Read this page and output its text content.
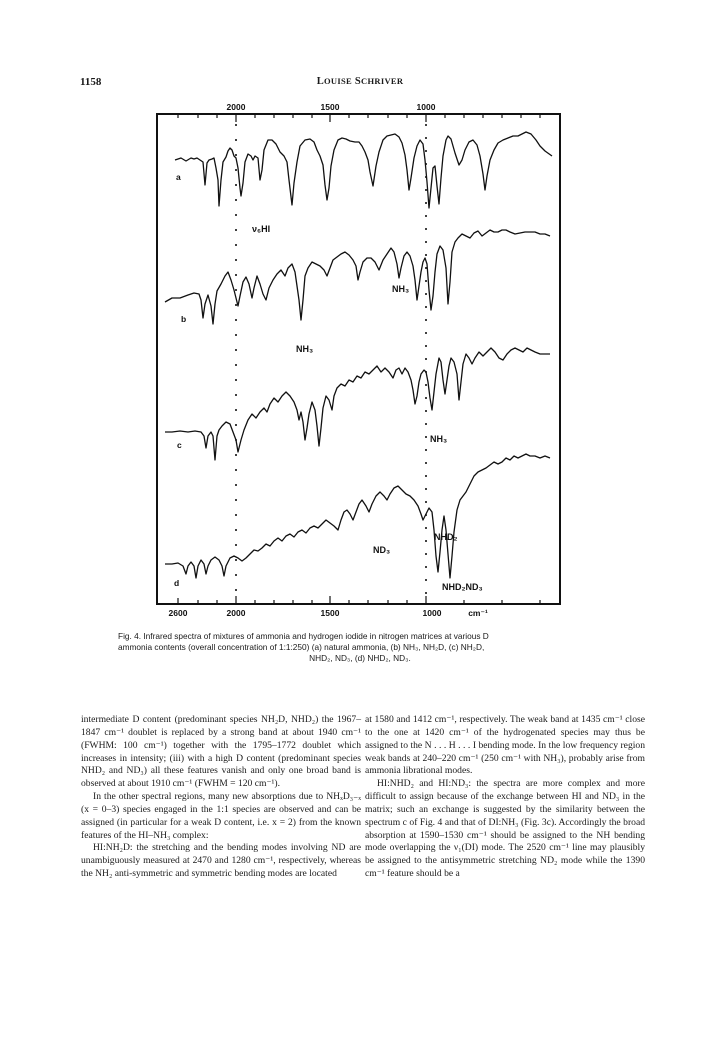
1158	LOUISE SCHRIVER
2000	1500	1000
2600	2000	1500	1000	cm⁻¹
a
b
c
d
ν₆HI
NH₃
NH₃
NH₃
NHD₂
ND₃
NHD₂ND₃
Fig. 4. Infrared spectra of mixtures of ammonia and hydrogen iodide in nitrogen matrices at various D
ammonia contents (overall concentration of 1:1:250) (a) natural ammonia, (b) NH₃, NH₂D, (c) NH₂D,
NHD₂, ND₃, (d) NHD₂, ND₃.

intermediate D content (predominant species NH₂D, NHD₂) the 1967–1847 cm⁻¹ doublet is replaced by a strong band at about 1940 cm⁻¹ (FWHM: 100 cm⁻¹) together with the 1795–1772 doublet which increases in intensity; (iii) with a high D content (predominant species NHD₂ and ND₃) all these features vanish and only one broad band is observed at about 1910 cm⁻¹ (FWHM = 120 cm⁻¹).

In the other spectral regions, many new absorptions due to NHₓD₃₋ₓ (x = 0–3) species engaged in the 1:1 species are observed and can be assigned (in particular for a weak D content, i.e. x = 2) from the known features of the HI–NH₃ complex:

HI:NH₂D: the stretching and the bending modes involving ND are unambiguously measured at 2470 and 1280 cm⁻¹, respectively, whereas the NH₂ anti-symmetric and symmetric bending modes are located

at 1580 and 1412 cm⁻¹, respectively. The weak band at 1435 cm⁻¹ close to the one at 1420 cm⁻¹ of the hydrogenated species may thus be assigned to the N . . . H . . . I bending mode. In the low frequency region weak bands at 240–220 cm⁻¹ (250 cm⁻¹ with NH₃), probably arise from ammonia librational modes.

HI:NHD₂ and HI:ND₃: the spectra are more complex and more difficult to assign because of the exchange between HI and ND₃ in the matrix; such an exchange is suggested by the similarity between the spectrum c of Fig. 4 and that of DI:NH₃ (Fig. 3c). Accordingly the broad absorption at 1590–1530 cm⁻¹ should be assigned to the NH bending mode overlapping the ν₁(DI) mode. The 2520 cm⁻¹ line may plausibly be assigned to the antisymmetric stretching ND₂ mode while the 1390 cm⁻¹ feature should be a
